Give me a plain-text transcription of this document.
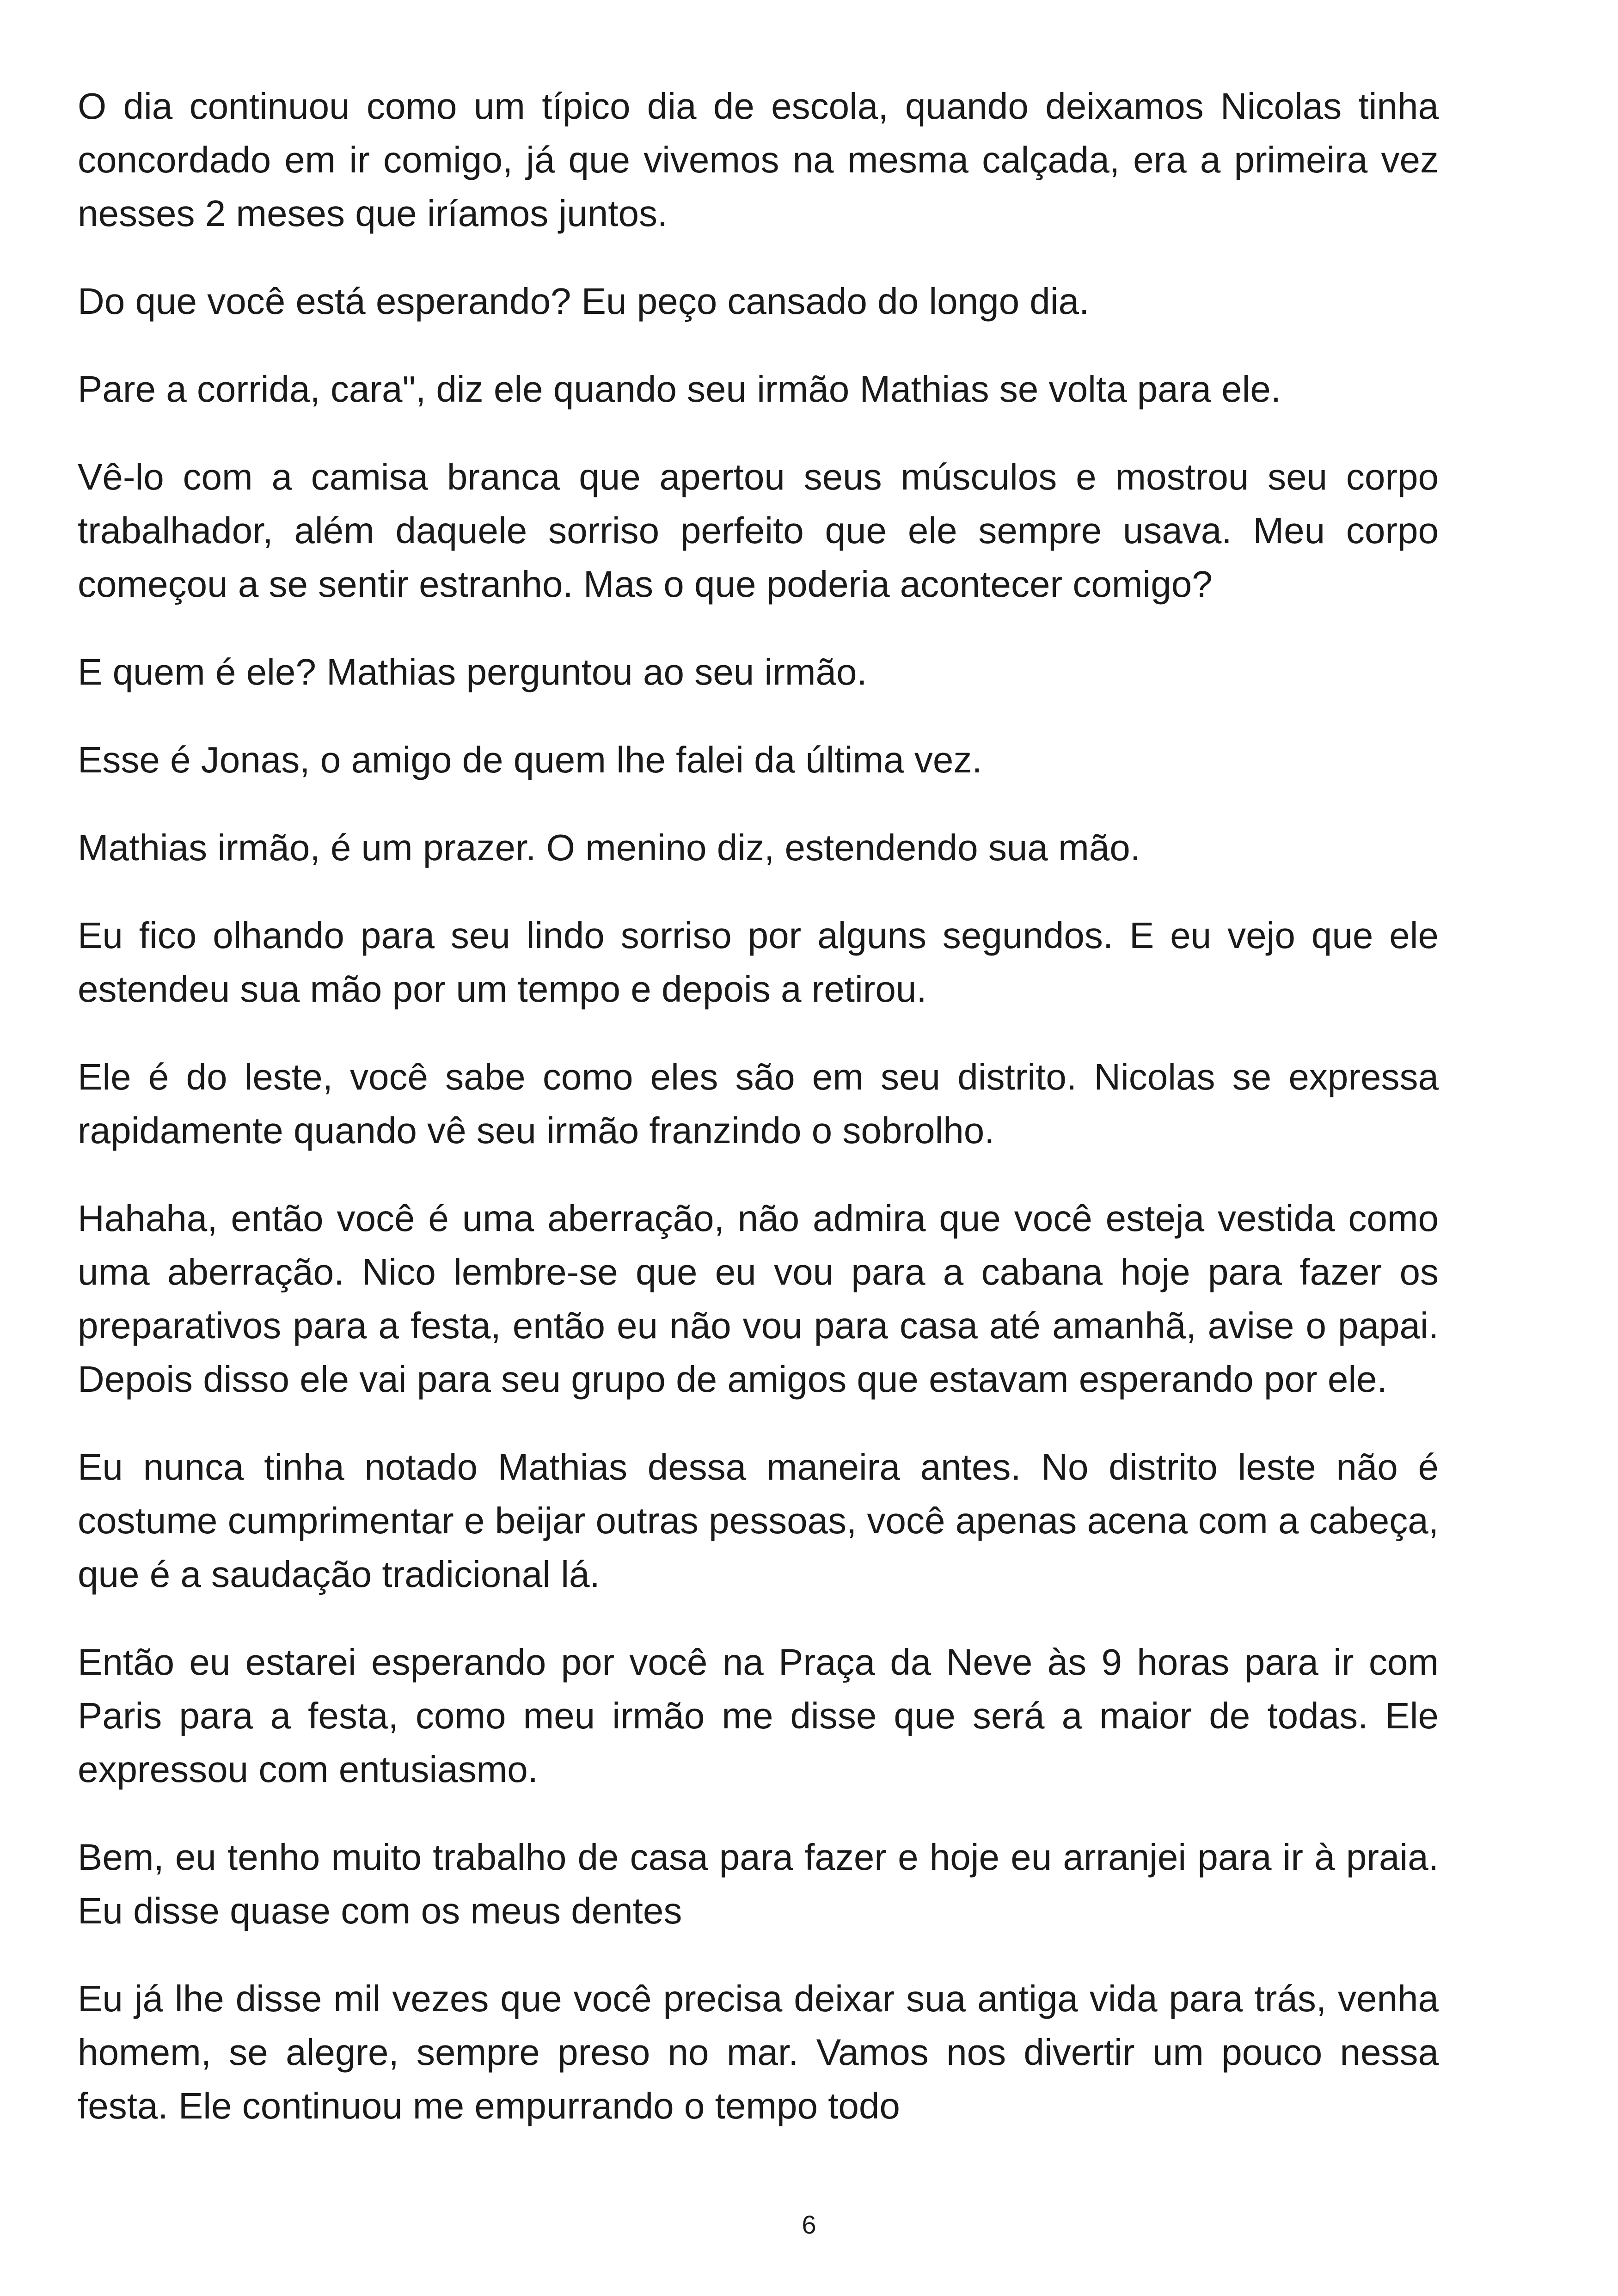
O dia continuou como um típico dia de escola, quando deixamos Nicolas tinha concordado em ir comigo, já que vivemos na mesma calçada, era a primeira vez nesses 2 meses que iríamos juntos.

Do que você está esperando? Eu peço cansado do longo dia.

Pare a corrida, cara", diz ele quando seu irmão Mathias se volta para ele.

Vê-lo com a camisa branca que apertou seus músculos e mostrou seu corpo trabalhador, além daquele sorriso perfeito que ele sempre usava. Meu corpo começou a se sentir estranho. Mas o que poderia acontecer comigo?

E quem é ele? Mathias perguntou ao seu irmão.

Esse é Jonas, o amigo de quem lhe falei da última vez.

Mathias irmão, é um prazer. O menino diz, estendendo sua mão.

Eu fico olhando para seu lindo sorriso por alguns segundos. E eu vejo que ele estendeu sua mão por um tempo e depois a retirou.

Ele é do leste, você sabe como eles são em seu distrito. Nicolas se expressa rapidamente quando vê seu irmão franzindo o sobrolho.

Hahaha, então você é uma aberração, não admira que você esteja vestida como uma aberração. Nico lembre-se que eu vou para a cabana hoje para fazer os preparativos para a festa, então eu não vou para casa até amanhã, avise o papai. Depois disso ele vai para seu grupo de amigos que estavam esperando por ele.

Eu nunca tinha notado Mathias dessa maneira antes. No distrito leste não é costume cumprimentar e beijar outras pessoas, você apenas acena com a cabeça, que é a saudação tradicional lá.

Então eu estarei esperando por você na Praça da Neve às 9 horas para ir com Paris para a festa, como meu irmão me disse que será a maior de todas. Ele expressou com entusiasmo.

Bem, eu tenho muito trabalho de casa para fazer e hoje eu arranjei para ir à praia. Eu disse quase com os meus dentes

Eu já lhe disse mil vezes que você precisa deixar sua antiga vida para trás, venha homem, se alegre, sempre preso no mar. Vamos nos divertir um pouco nessa festa. Ele continuou me empurrando o tempo todo

6
